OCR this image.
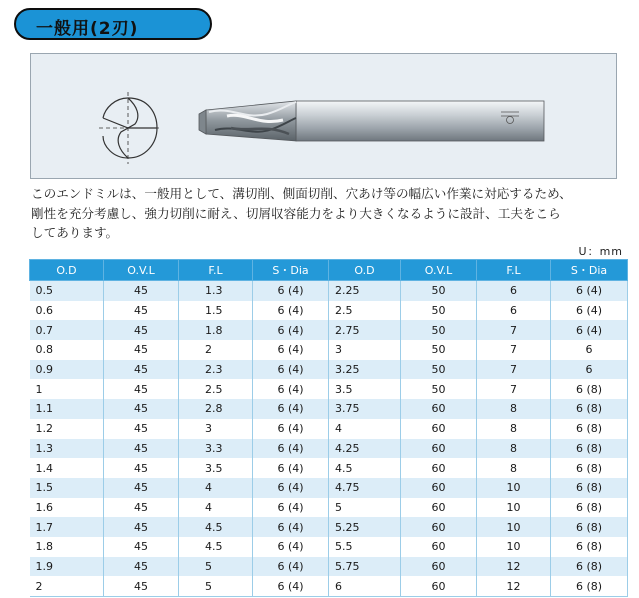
一般用(2刃)

このエンドミルは、一般用として、溝切削、側面切削、穴あけ等の幅広い作業に対応するため、

剛性を充分考慮し、強力切削に耐え、切屑収容能力をより大きくなるように設計、工夫をこら

してあります。

U：mm
O.D	O.V.L	F.L	S・Dia	O.D	O.V.L	F.L	S・Dia
0.5	45	1.3	6 (4)	2.25	50	6	6 (4)
0.6	45	1.5	6 (4)	2.5	50	6	6 (4)
0.7	45	1.8	6 (4)	2.75	50	7	6 (4)
0.8	45	2	6 (4)	3	50	7	6
0.9	45	2.3	6 (4)	3.25	50	7	6
1	45	2.5	6 (4)	3.5	50	7	6 (8)
1.1	45	2.8	6 (4)	3.75	60	8	6 (8)
1.2	45	3	6 (4)	4	60	8	6 (8)
1.3	45	3.3	6 (4)	4.25	60	8	6 (8)
1.4	45	3.5	6 (4)	4.5	60	8	6 (8)
1.5	45	4	6 (4)	4.75	60	10	6 (8)
1.6	45	4	6 (4)	5	60	10	6 (8)
1.7	45	4.5	6 (4)	5.25	60	10	6 (8)
1.8	45	4.5	6 (4)	5.5	60	10	6 (8)
1.9	45	5	6 (4)	5.75	60	12	6 (8)
2	45	5	6 (4)	6	60	12	6 (8)
